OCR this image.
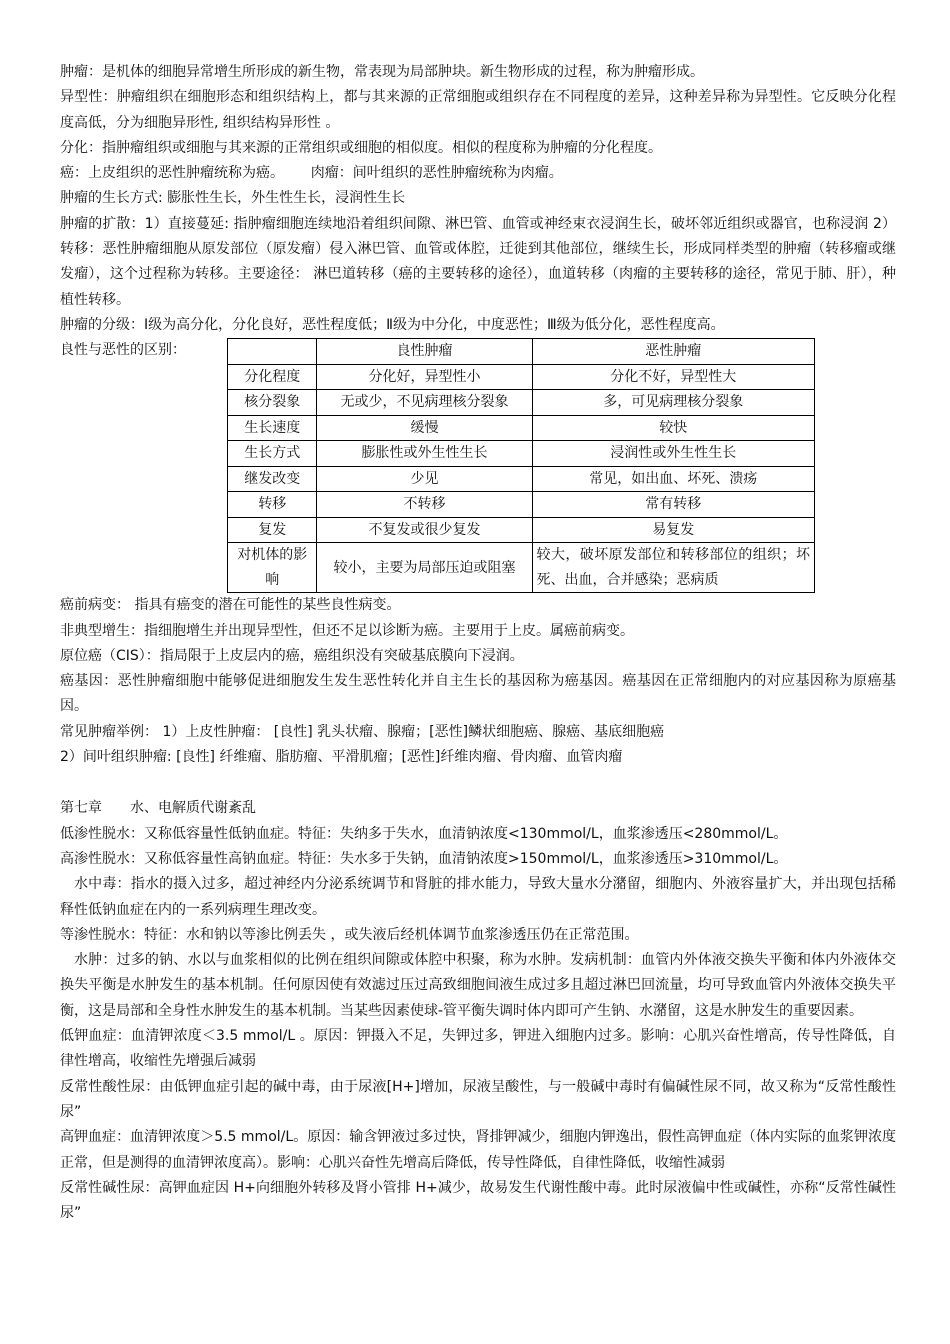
肿瘤：是机体的细胞异常增生所形成的新生物，常表现为局部肿块。新生物形成的过程，称为肿瘤形成。

异型性：肿瘤组织在细胞形态和组织结构上，都与其来源的正常细胞或组织存在不同程度的差异，这种差异称为异型性。它反映分化程度高低，分为细胞异形性, 组织结构异形性 。

分化：指肿瘤组织或细胞与其来源的正常组织或细胞的相似度。相似的程度称为肿瘤的分化程度。

癌：上皮组织的恶性肿瘤统称为癌。      肉瘤：间叶组织的恶性肿瘤统称为肉瘤。

肿瘤的生长方式: 膨胀性生长，外生性生长，浸润性生长

肿瘤的扩散：1）直接蔓延: 指肿瘤细胞连续地沿着组织间隙、淋巴管、血管或神经束衣浸润生长，破坏邻近组织或器官，也称浸润 2）转移：恶性肿瘤细胞从原发部位（原发瘤）侵入淋巴管、血管或体腔，迁徙到其他部位，继续生长，形成同样类型的肿瘤（转移瘤或继发瘤），这个过程称为转移。主要途径： 淋巴道转移（癌的主要转移的途径），血道转移（肉瘤的主要转移的途径，常见于肺、肝），种植性转移。

肿瘤的分级：Ⅰ级为高分化，分化良好，恶性程度低；Ⅱ级为中分化，中度恶性；Ⅲ级为低分化，恶性程度高。

良性与恶性的区别：
		良性肿瘤	恶性肿瘤
分化程度	分化好，异型性小	分化不好，异型性大
核分裂象	无或少，不见病理核分裂象	多，可见病理核分裂象
生长速度	缓慢	较快
生长方式	膨胀性或外生性生长	浸润性或外生性生长
继发改变	少见	常见，如出血、坏死、溃疡
转移	不转移	常有转移
复发	不复发或很少复发	易复发
对机体的影响	较小，主要为局部压迫或阻塞	较大，破坏原发部位和转移部位的组织；坏死、出血，合并感染；恶病质

癌前病变： 指具有癌变的潜在可能性的某些良性病变。

非典型增生：指细胞增生并出现异型性，但还不足以诊断为癌。主要用于上皮。属癌前病变。

原位癌（CIS）：指局限于上皮层内的癌，癌组织没有突破基底膜向下浸润。

癌基因：恶性肿瘤细胞中能够促进细胞发生发生恶性转化并自主生长的基因称为癌基因。癌基因在正常细胞内的对应基因称为原癌基因。

常见肿瘤举例： 1）上皮性肿瘤： [良性] 乳头状瘤、腺瘤；[恶性]鳞状细胞癌、腺癌、基底细胞癌

2）间叶组织肿瘤: [良性] 纤维瘤、脂肪瘤、平滑肌瘤；[恶性]纤维肉瘤、骨肉瘤、血管肉瘤

第七章 水、电解质代谢紊乱

低渗性脱水：又称低容量性低钠血症。特征：失纳多于失水，血清钠浓度<130mmol/L，血浆渗透压<280mmol/L。

高渗性脱水：又称低容量性高钠血症。特征：失水多于失钠，血清钠浓度>150mmol/L，血浆渗透压>310mmol/L。

水中毒：指水的摄入过多，超过神经内分泌系统调节和肾脏的排水能力，导致大量水分潴留，细胞内、外液容量扩大，并出现包括稀释性低钠血症在内的一系列病理生理改变。

等渗性脱水：特征：水和钠以等渗比例丢失 ，或失液后经机体调节血浆渗透压仍在正常范围。

水肿：过多的钠、水以与血浆相似的比例在组织间隙或体腔中积聚，称为水肿。发病机制：血管内外体液交换失平衡和体内外液体交换失平衡是水肿发生的基本机制。任何原因使有效滤过压过高致细胞间液生成过多且超过淋巴回流量，均可导致血管内外液体交换失平衡，这是局部和全身性水肿发生的基本机制。当某些因素使球-管平衡失调时体内即可产生钠、水潴留，这是水肿发生的重要因素。

低钾血症：血清钾浓度＜3.5 mmol/L 。原因：钾摄入不足，失钾过多，钾进入细胞内过多。影响：心肌兴奋性增高，传导性降低，自律性增高，收缩性先增强后减弱

反常性酸性尿：由低钾血症引起的碱中毒，由于尿液[H+]增加，尿液呈酸性，与一般碱中毒时有偏碱性尿不同，故又称为“反常性酸性尿”

高钾血症：血清钾浓度＞5.5 mmol/L。原因：输含钾液过多过快，肾排钾减少，细胞内钾逸出，假性高钾血症（体内实际的血浆钾浓度正常，但是测得的血清钾浓度高）。影响：心肌兴奋性先增高后降低，传导性降低，自律性降低，收缩性减弱

反常性碱性尿：高钾血症因 H+向细胞外转移及肾小管排 H+减少，故易发生代谢性酸中毒。此时尿液偏中性或碱性，亦称“反常性碱性尿”
